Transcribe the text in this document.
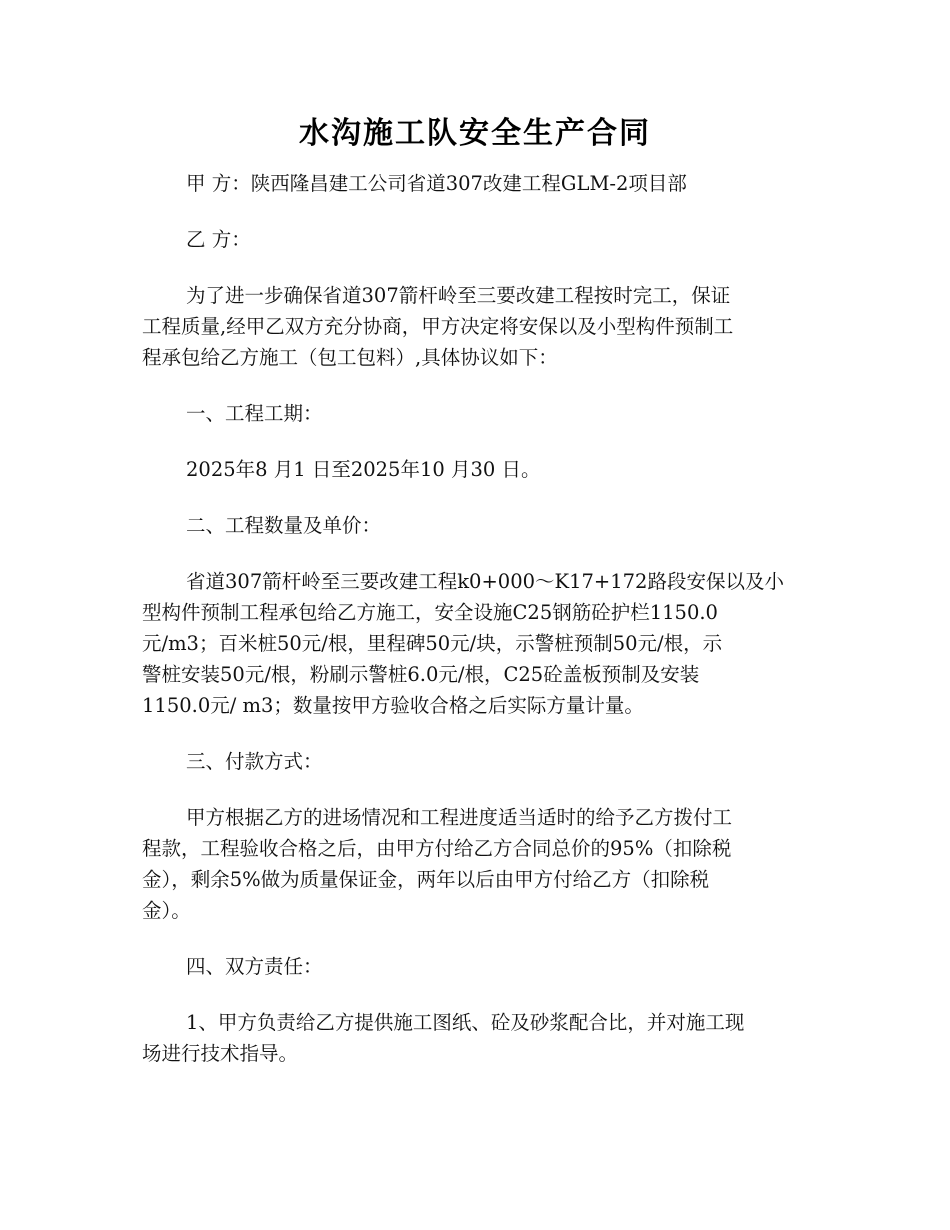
水沟施工队安全生产合同

甲 方：陕西隆昌建工公司省道307改建工程GLM-2项目部

乙 方：

为了进一步确保省道307箭杆岭至三要改建工程按时完工，保证
工程质量,经甲乙双方充分协商，甲方决定将安保以及小型构件预制工
程承包给乙方施工（包工包料）,具体协议如下：

一、工程工期：

2025年8 月1 日至2025年10 月30 日。

二、工程数量及单价：

省道307箭杆岭至三要改建工程k0+000～K17+172路段安保以及小
型构件预制工程承包给乙方施工，安全设施C25钢筋砼护栏1150.0
元/m3；百米桩50元/根，里程碑50元/块，示警桩预制50元/根，示
警桩安装50元/根，粉刷示警桩6.0元/根，C25砼盖板预制及安装
1150.0元/ m3；数量按甲方验收合格之后实际方量计量。

三、付款方式：

甲方根据乙方的进场情况和工程进度适当适时的给予乙方拨付工
程款，工程验收合格之后，由甲方付给乙方合同总价的95%（扣除税
金），剩余5%做为质量保证金，两年以后由甲方付给乙方（扣除税
金）。

四、双方责任：

1、甲方负责给乙方提供施工图纸、砼及砂浆配合比，并对施工现
场进行技术指导。
